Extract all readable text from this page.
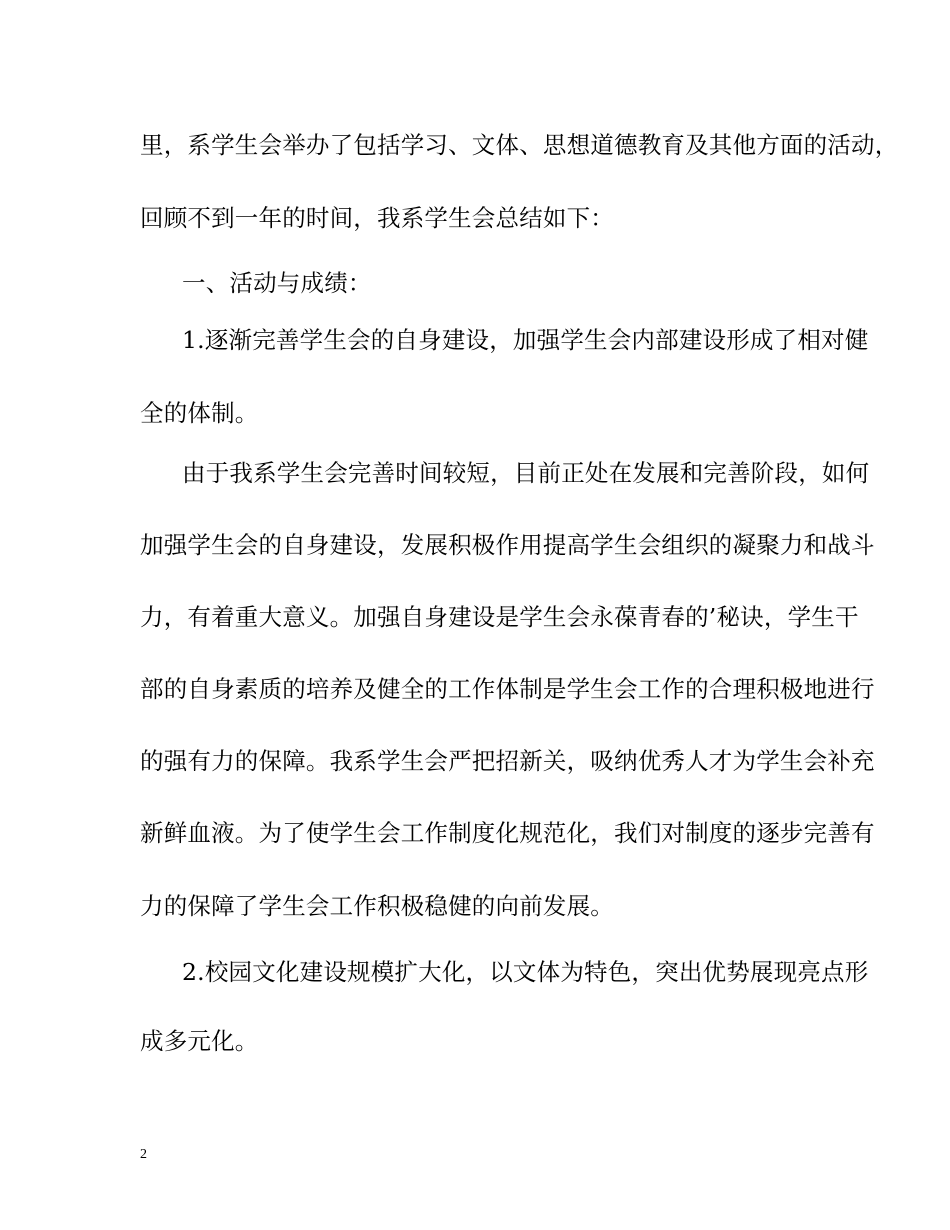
里，系学生会举办了包括学习、文体、思想道德教育及其他方面的活动，
回顾不到一年的时间，我系学生会总结如下：
一、活动与成绩：
1.逐渐完善学生会的自身建设，加强学生会内部建设形成了相对健
全的体制。
由于我系学生会完善时间较短，目前正处在发展和完善阶段，如何
加强学生会的自身建设，发展积极作用提高学生会组织的凝聚力和战斗
力，有着重大意义。加强自身建设是学生会永葆青春的’秘诀，学生干
部的自身素质的培养及健全的工作体制是学生会工作的合理积极地进行
的强有力的保障。我系学生会严把招新关，吸纳优秀人才为学生会补充
新鲜血液。为了使学生会工作制度化规范化，我们对制度的逐步完善有
力的保障了学生会工作积极稳健的向前发展。
2.校园文化建设规模扩大化，以文体为特色，突出优势展现亮点形
成多元化。
2
